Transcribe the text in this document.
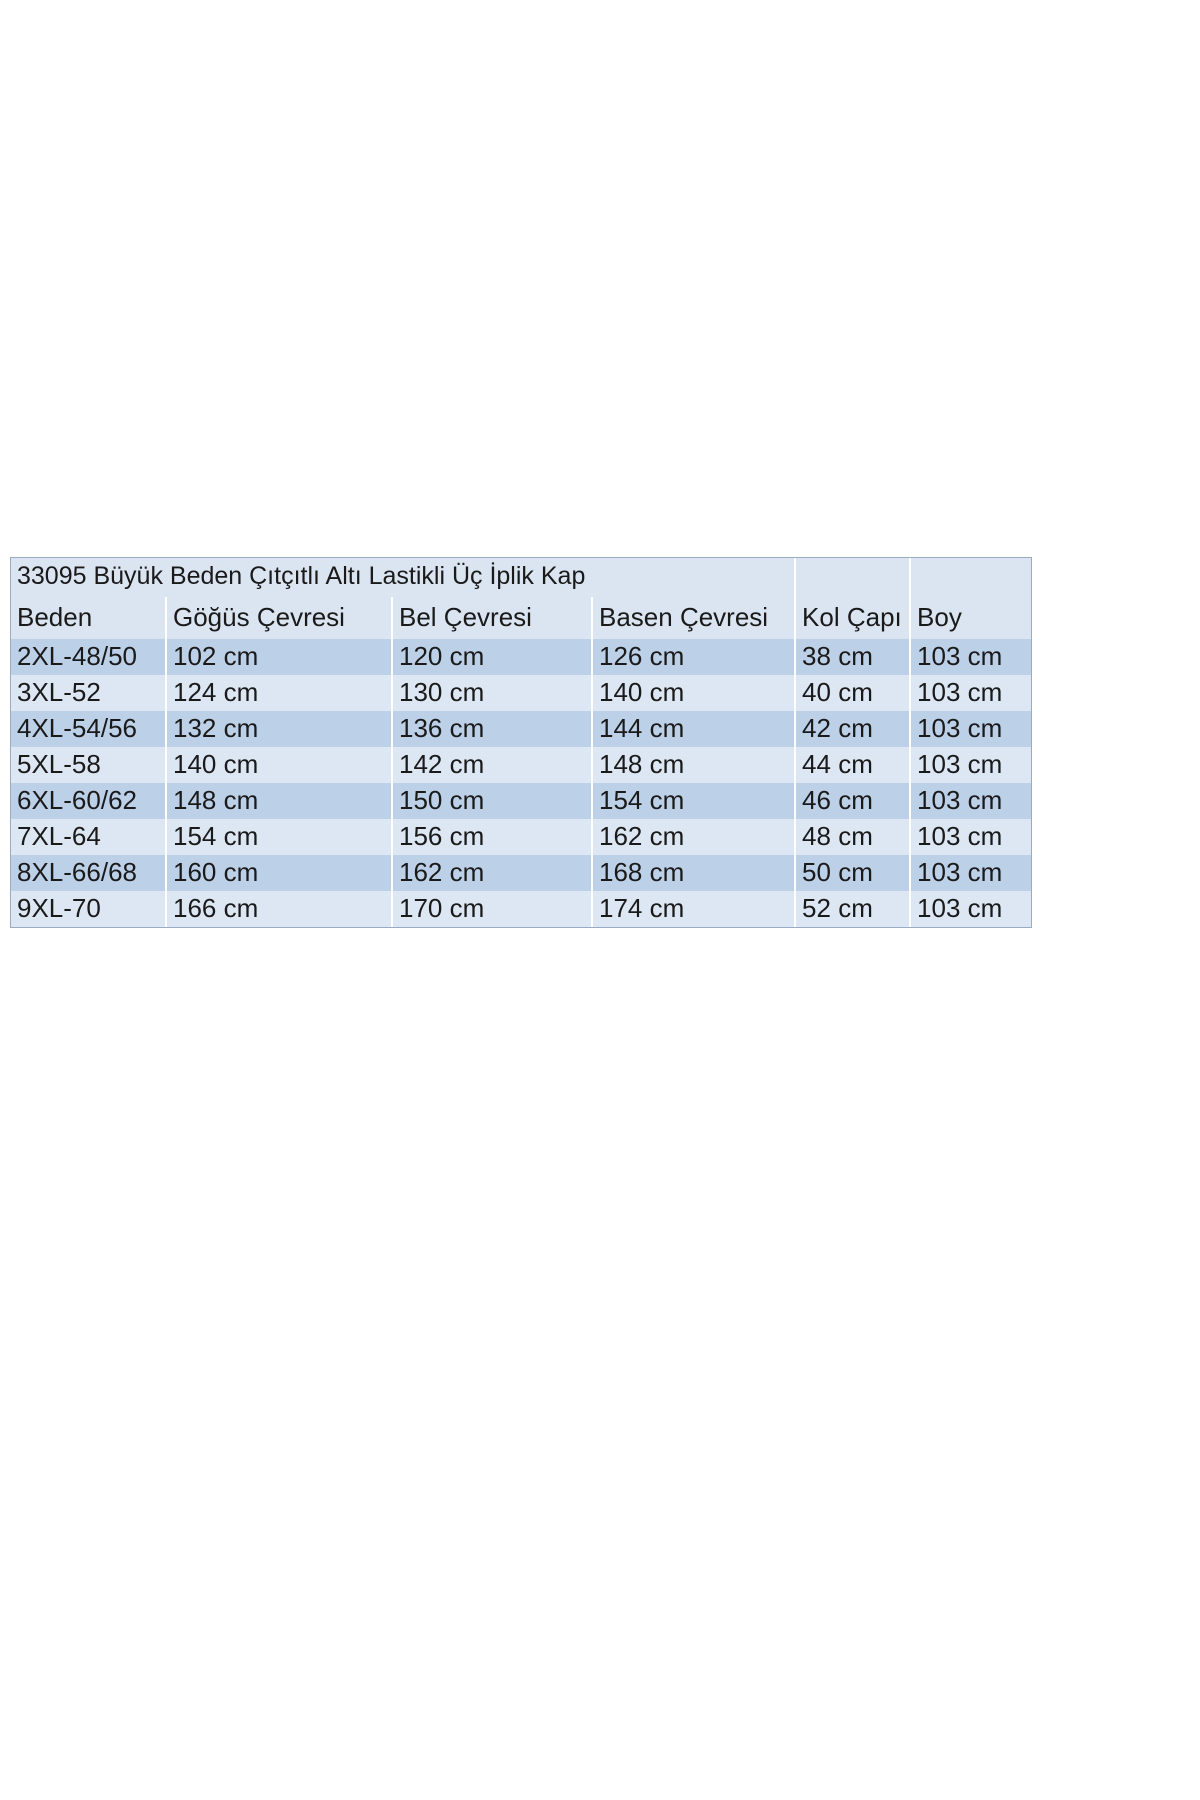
33095 Büyük Beden Çıtçıtlı Altı Lastikli Üç İplik Kap					
Beden	Göğüs Çevresi	Bel Çevresi	Basen Çevresi	Kol Çapı	Boy
2XL-48/50	102 cm	120 cm	126 cm	38 cm	103 cm
3XL-52	124 cm	130 cm	140 cm	40 cm	103 cm
4XL-54/56	132 cm	136 cm	144 cm	42 cm	103 cm
5XL-58	140 cm	142 cm	148 cm	44 cm	103 cm
6XL-60/62	148 cm	150 cm	154 cm	46 cm	103 cm
7XL-64	154 cm	156 cm	162 cm	48 cm	103 cm
8XL-66/68	160 cm	162 cm	168 cm	50 cm	103 cm
9XL-70	166 cm	170 cm	174 cm	52 cm	103 cm
